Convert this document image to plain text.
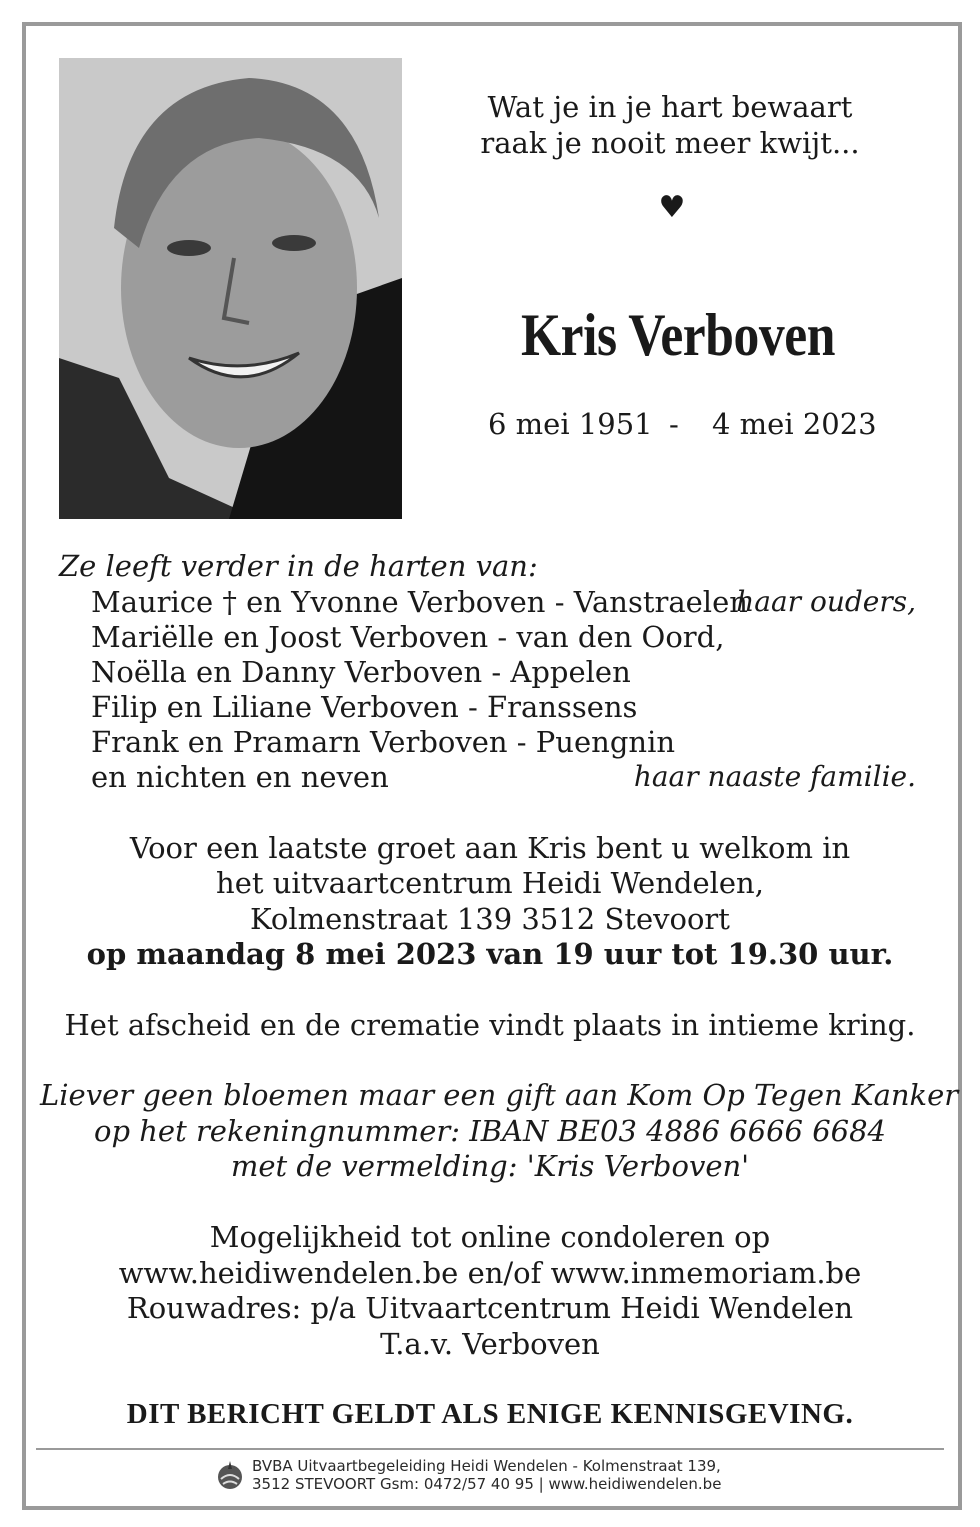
Wat je in je hart bewaart
raak je nooit meer kwijt...
♥
Kris Verboven
6 mei 1951 - 4 mei 2023
Ze leeft verder in de harten van:
Maurice † en Yvonne Verboven - Vanstraelen
haar ouders,
Mariëlle en Joost Verboven - van den Oord,
Noëlla en Danny Verboven - Appelen
Filip en Liliane Verboven - Franssens
Frank en Pramarn Verboven - Puengnin
en nichten en neven	haar naaste familie.
Voor een laatste groet aan Kris bent u welkom in
het uitvaartcentrum Heidi Wendelen,
Kolmenstraat 139 3512 Stevoort
op maandag 8 mei 2023 van 19 uur tot 19.30 uur.
Het afscheid en de crematie vindt plaats in intieme kring.
Liever geen bloemen maar een gift aan Kom Op Tegen Kanker
op het rekeningnummer: IBAN BE03 4886 6666 6684
met de vermelding: 'Kris Verboven'
Mogelijkheid tot online condoleren op
www.heidiwendelen.be en/of www.inmemoriam.be
Rouwadres: p/a Uitvaartcentrum Heidi Wendelen
T.a.v. Verboven
DIT BERICHT GELDT ALS ENIGE KENNISGEVING.
BVBA Uitvaartbegeleiding Heidi Wendelen - Kolmenstraat 139,
3512 STEVOORT Gsm: 0472/57 40 95 | www.heidiwendelen.be
